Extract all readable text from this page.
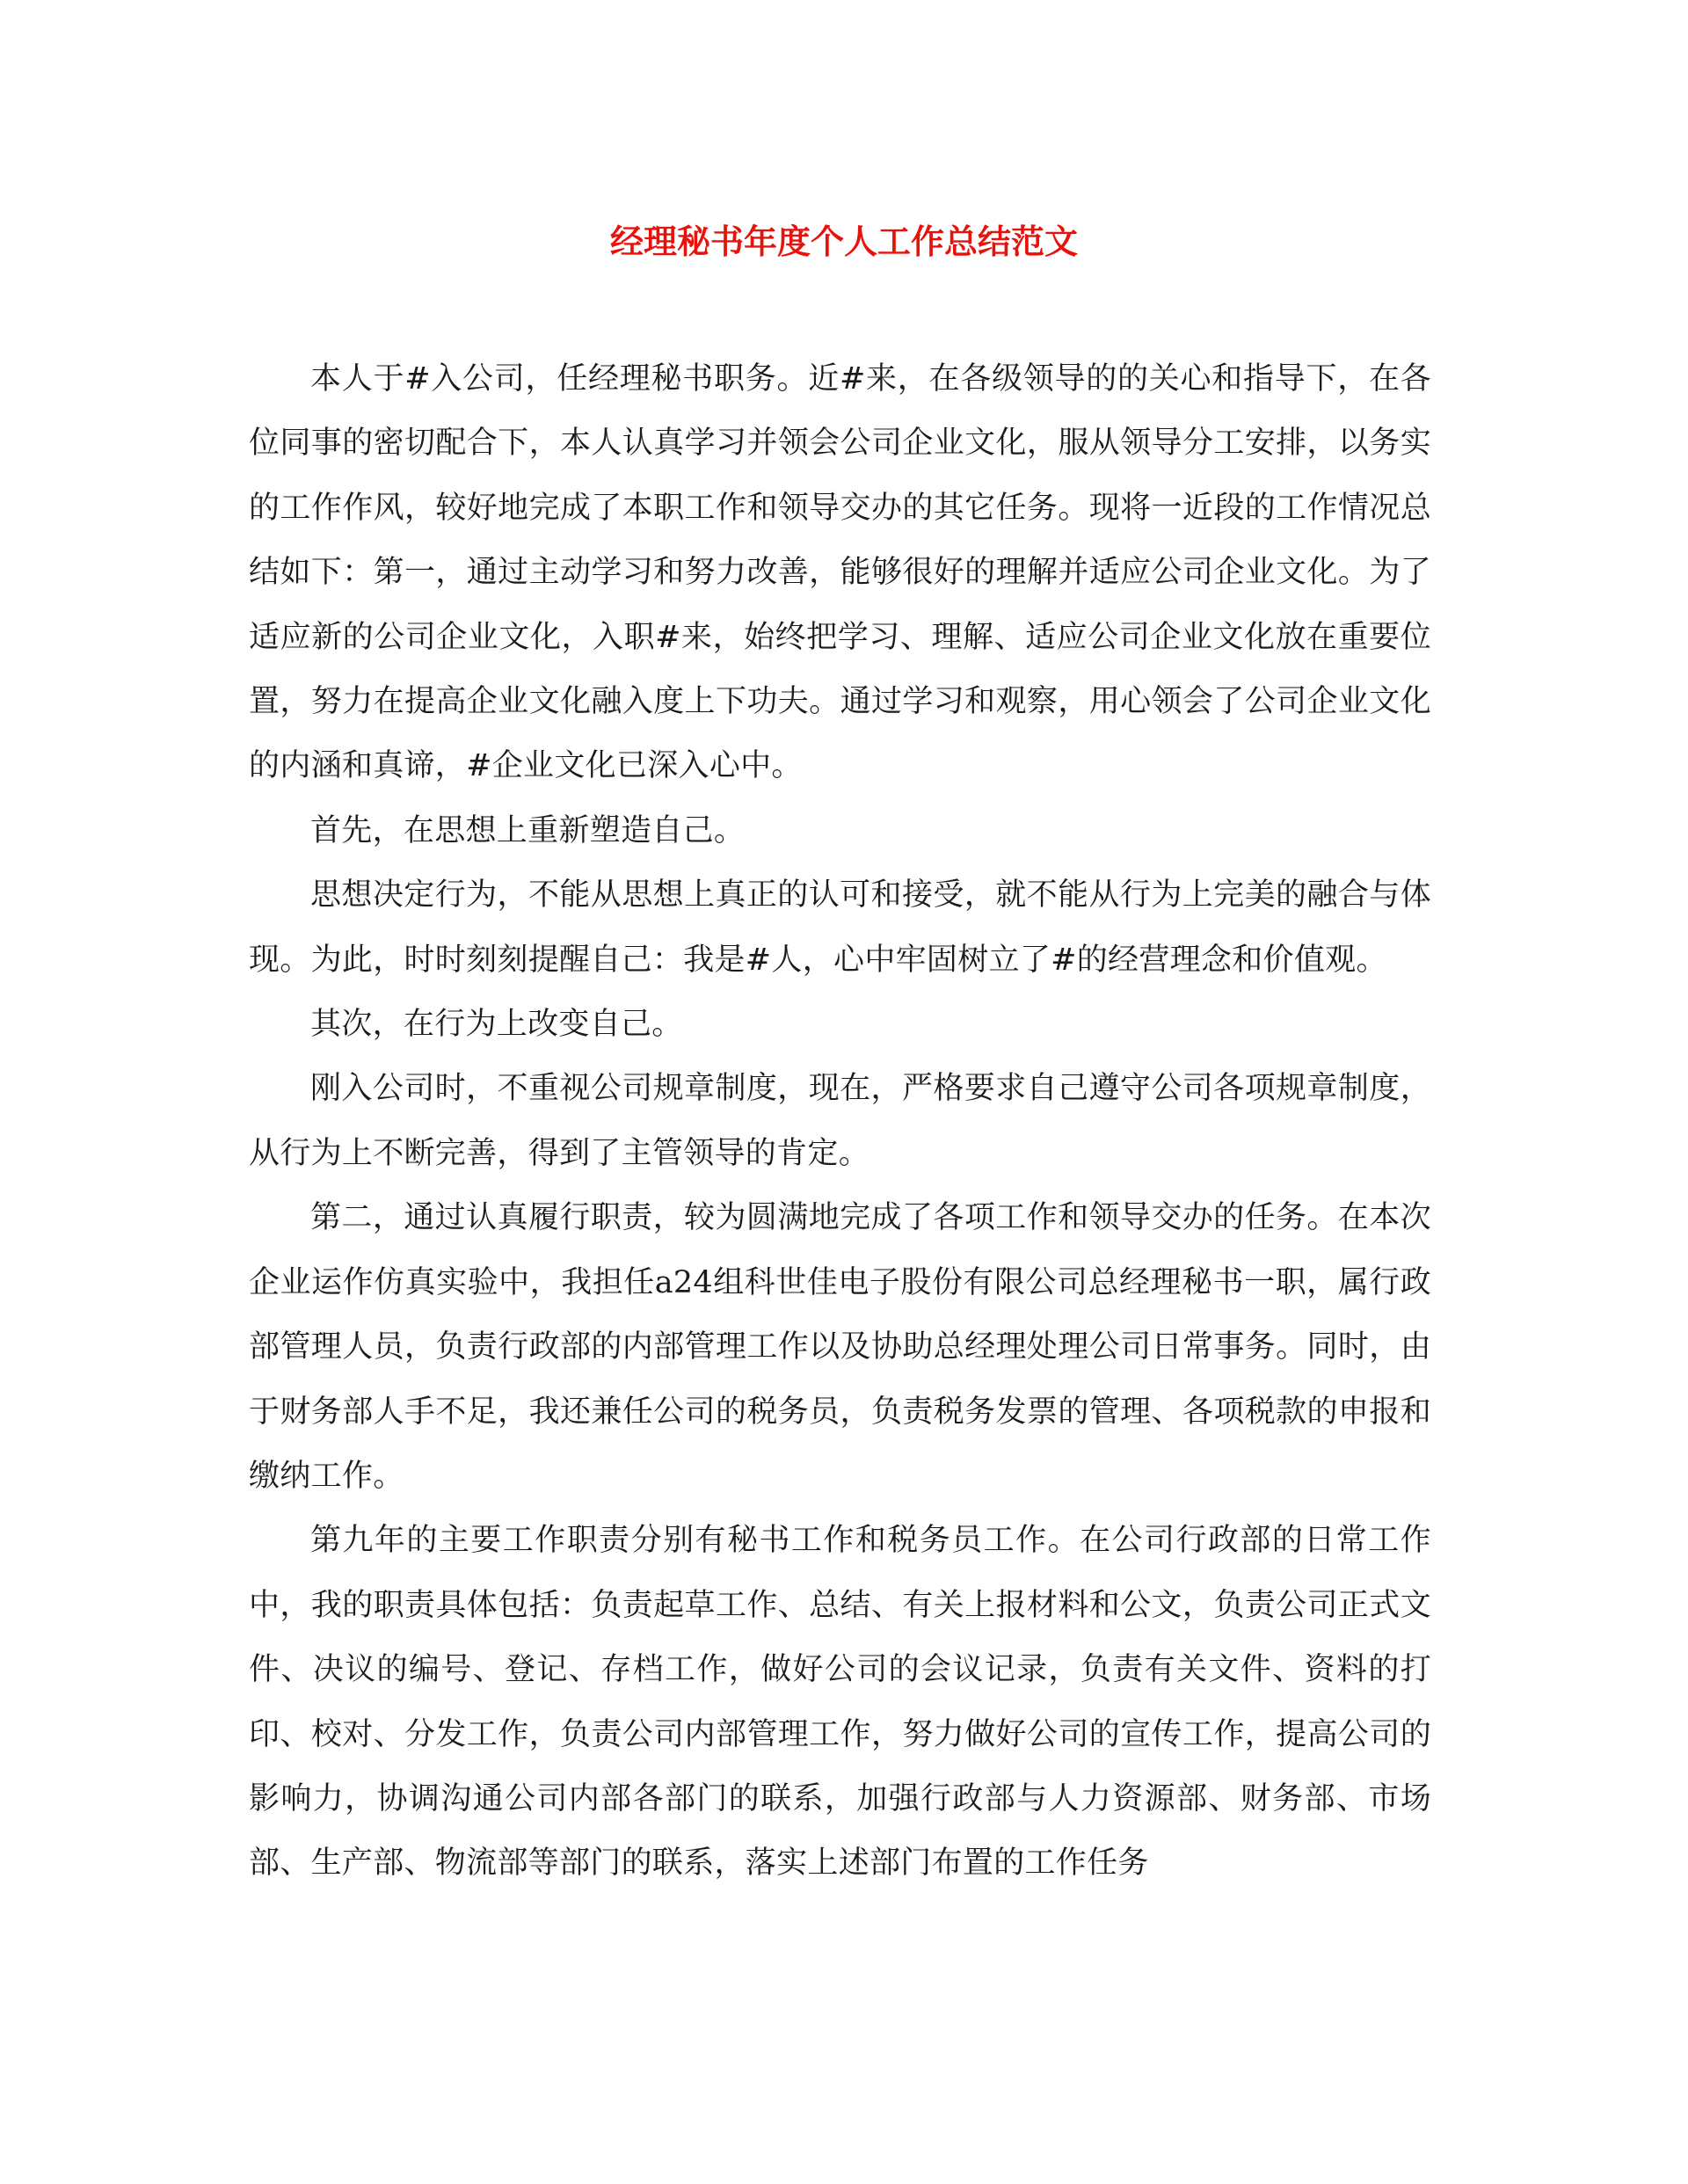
经理秘书年度个人工作总结范文

本人于#入公司，任经理秘书职务。近#来，在各级领导的的关心和指导下，在各位同事的密切配合下，本人认真学习并领会公司企业文化，服从领导分工安排，以务实的工作作风，较好地完成了本职工作和领导交办的其它任务。现将一近段的工作情况总结如下：第一，通过主动学习和努力改善，能够很好的理解并适应公司企业文化。为了适应新的公司企业文化，入职#来，始终把学习、理解、适应公司企业文化放在重要位置，努力在提高企业文化融入度上下功夫。通过学习和观察，用心领会了公司企业文化的内涵和真谛，#企业文化已深入心中。

首先，在思想上重新塑造自己。

思想决定行为，不能从思想上真正的认可和接受，就不能从行为上完美的融合与体现。为此，时时刻刻提醒自己：我是#人，心中牢固树立了#的经营理念和价值观。

其次，在行为上改变自己。

刚入公司时，不重视公司规章制度，现在，严格要求自己遵守公司各项规章制度，从行为上不断完善，得到了主管领导的肯定。

第二，通过认真履行职责，较为圆满地完成了各项工作和领导交办的任务。在本次企业运作仿真实验中，我担任a24组科世佳电子股份有限公司总经理秘书一职，属行政部管理人员，负责行政部的内部管理工作以及协助总经理处理公司日常事务。同时，由于财务部人手不足，我还兼任公司的税务员，负责税务发票的管理、各项税款的申报和缴纳工作。

第九年的主要工作职责分别有秘书工作和税务员工作。在公司行政部的日常工作中，我的职责具体包括：负责起草工作、总结、有关上报材料和公文，负责公司正式文件、决议的编号、登记、存档工作，做好公司的会议记录，负责有关文件、资料的打印、校对、分发工作，负责公司内部管理工作，努力做好公司的宣传工作，提高公司的影响力，协调沟通公司内部各部门的联系，加强行政部与人力资源部、财务部、市场部、生产部、物流部等部门的联系，落实上述部门布置的工作任务
